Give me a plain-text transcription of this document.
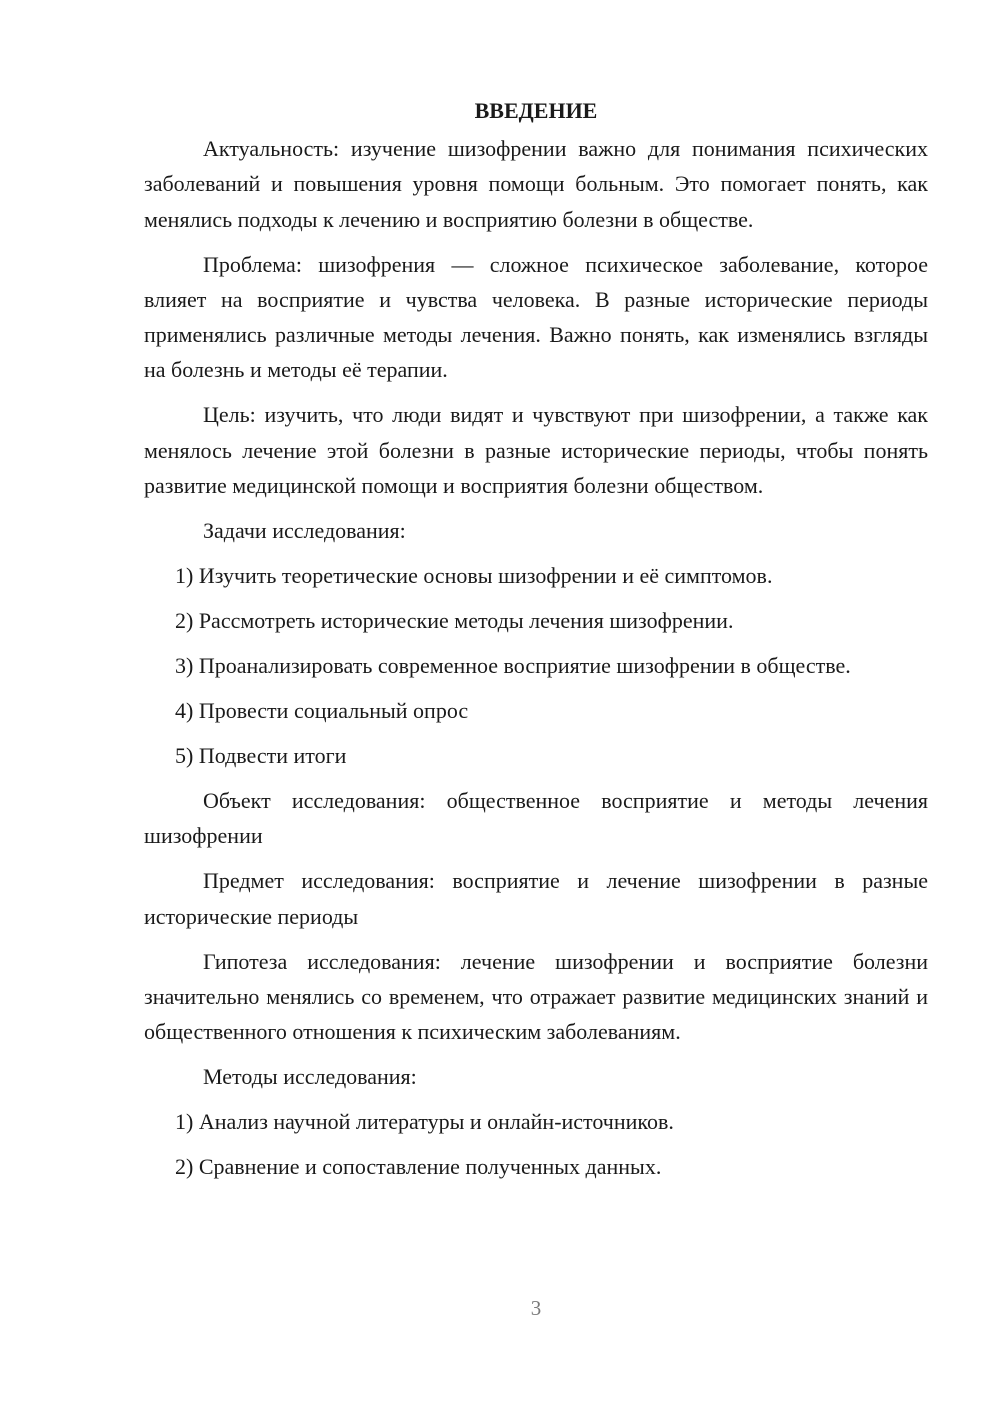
ВВЕДЕНИЕ

Актуальность: изучение шизофрении важно для понимания психических заболеваний и повышения уровня помощи больным. Это помогает понять, как менялись подходы к лечению и восприятию болезни в обществе.

Проблема: шизофрения — сложное психическое заболевание, которое влияет на восприятие и чувства человека. В разные исторические периоды применялись различные методы лечения. Важно понять, как изменялись взгляды на болезнь и методы её терапии.

Цель: изучить, что люди видят и чувствуют при шизофрении, а также как менялось лечение этой болезни в разные исторические периоды, чтобы понять развитие медицинской помощи и восприятия болезни обществом.

Задачи исследования:

1) Изучить теоретические основы шизофрении и её симптомов.

2) Рассмотреть исторические методы лечения шизофрении.

3) Проанализировать современное восприятие шизофрении в обществе.

4) Провести социальный опрос

5) Подвести итоги

Объект исследования: общественное восприятие и методы лечения шизофрении

Предмет исследования: восприятие и лечение шизофрении в разные исторические периоды

Гипотеза исследования: лечение шизофрении и восприятие болезни значительно менялись со временем, что отражает развитие медицинских знаний и общественного отношения к психическим заболеваниям.

Методы исследования:

1) Анализ научной литературы и онлайн-источников.

2) Сравнение и сопоставление полученных данных.

3
